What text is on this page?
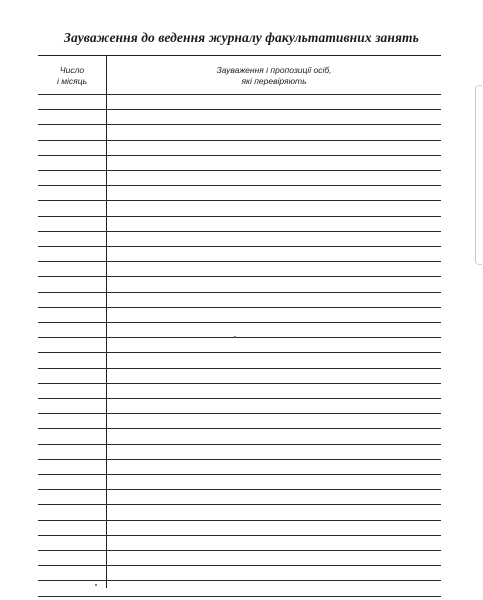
Зауваження до ведення журналу факультативних занять
Число
і місяць
Зауваження і пропозиції осіб,
які перевіряють
